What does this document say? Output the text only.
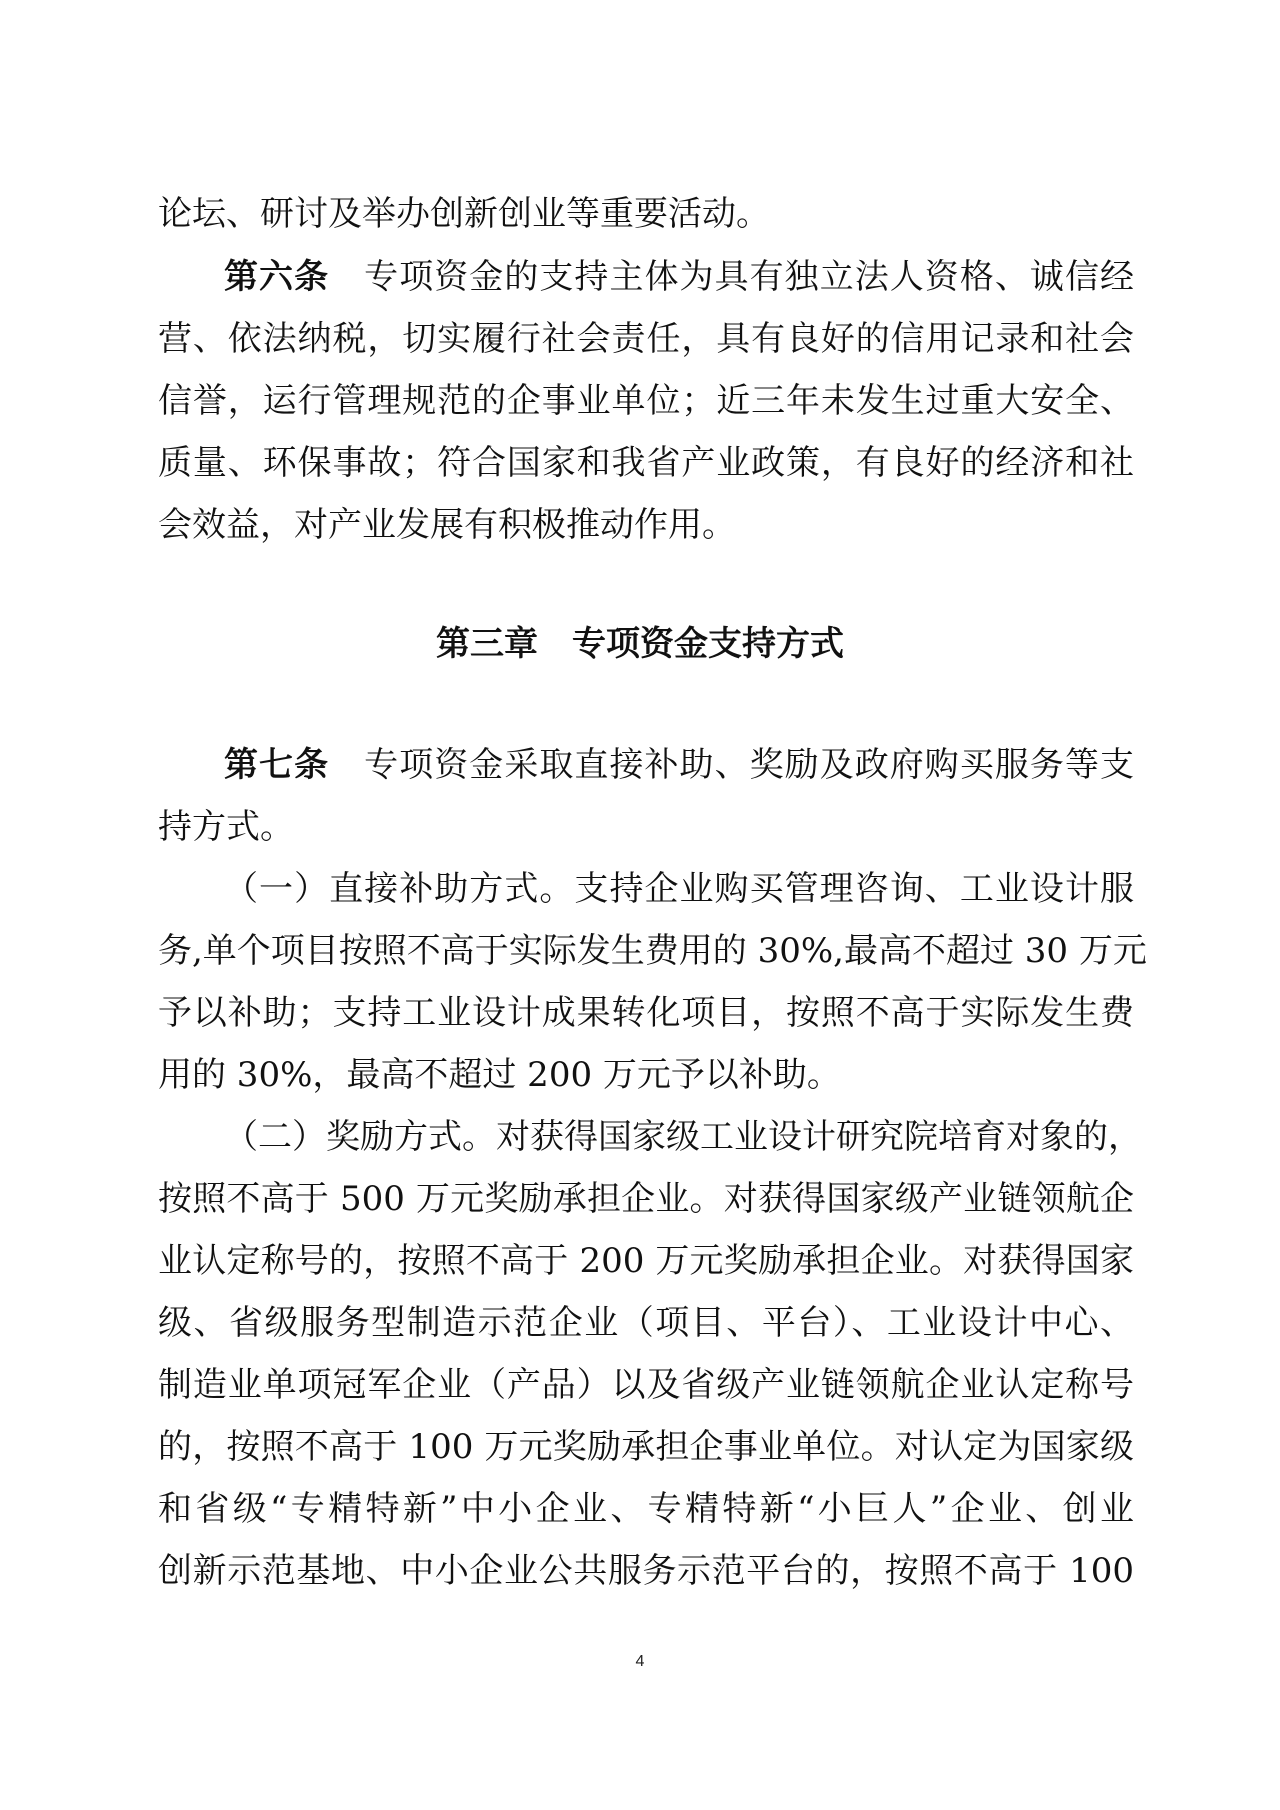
论坛、研讨及举办创新创业等重要活动。
第六条　 专项资金的支持主体为具有独立法人资格、诚信经
营、依法纳税，切实履行社会责任，具有良好的信用记录和社会
信誉，运行管理规范的企事业单位；近三年未发生过重大安全、
质量、环保事故；符合国家和我省产业政策，有良好的经济和社
会效益，对产业发展有积极推动作用。
第三章　专项资金支持方式
第七条　 专项资金采取直接补助、奖励及政府购买服务等支
持方式。
（一）直接补助方式。支持企业购买管理咨询、工业设计服
务,单个项目按照不高于实际发生费用的 30%,最高不超过 30 万元
予以补助；支持工业设计成果转化项目，按照不高于实际发生费
用的 30%，最高不超过 200 万元予以补助。
（二）奖励方式。对获得国家级工业设计研究院培育对象的，
按照不高于 500 万元奖励承担企业。对获得国家级产业链领航企
业认定称号的，按照不高于 200 万元奖励承担企业。对获得国家
级、省级服务型制造示范企业（项目、平台）、工业设计中心、
制造业单项冠军企业（产品）以及省级产业链领航企业认定称号
的，按照不高于 100 万元奖励承担企事业单位。对认定为国家级
和省级“专精特新”中小企业、专精特新“小巨人”企业、创业
创新示范基地、中小企业公共服务示范平台的，按照不高于 100
4
